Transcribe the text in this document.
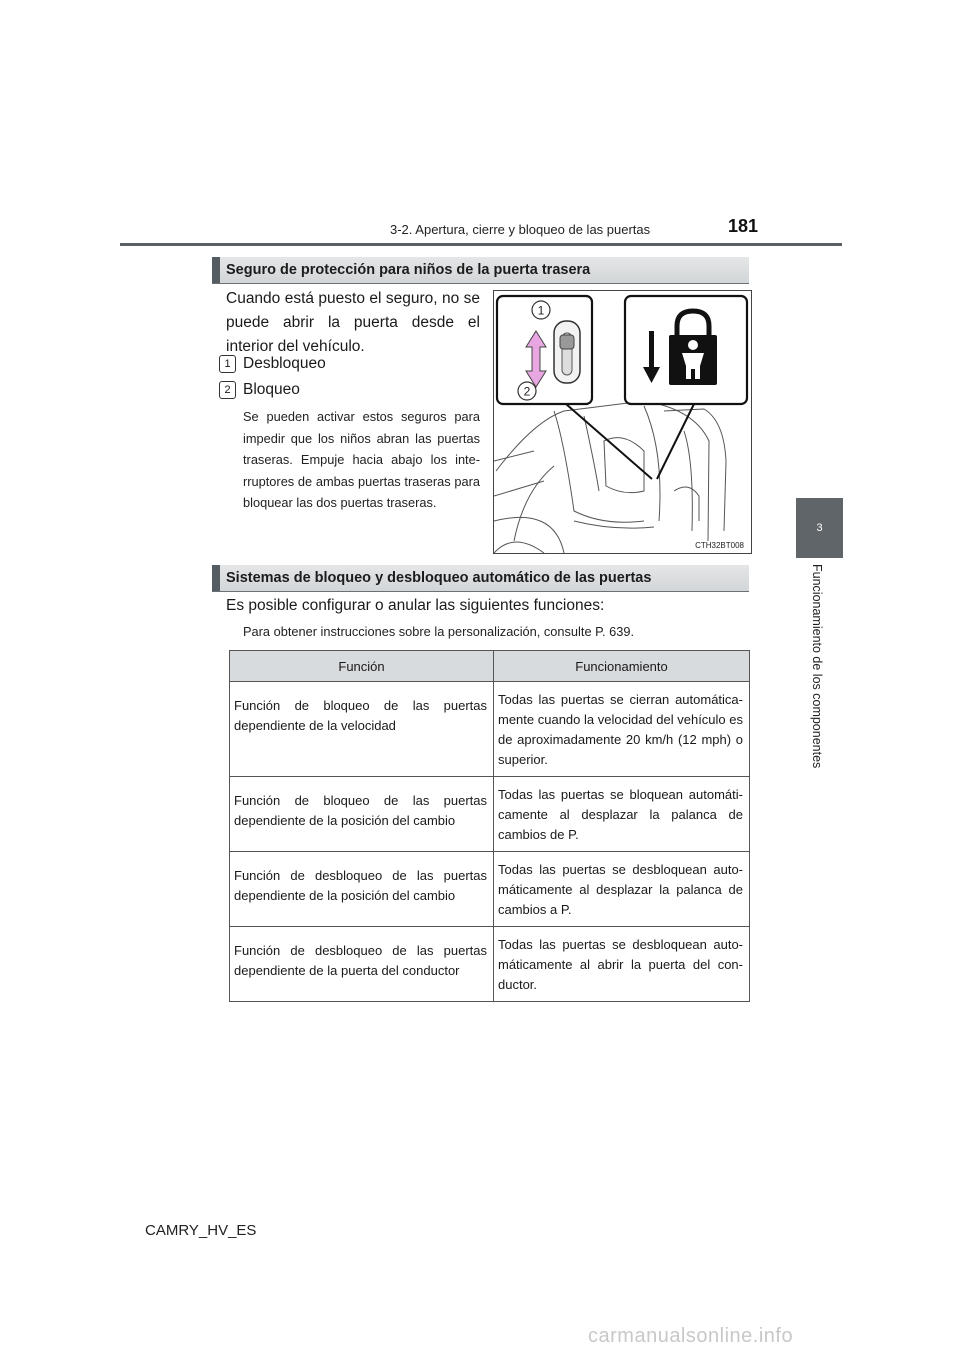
3-2. Apertura, cierre y bloqueo de las puertas	181
3
Funcionamiento de los componentes
Seguro de protección para niños de la puerta trasera
Cuando está puesto el seguro, no se puede abrir la puerta desde el interior del vehículo.
1 Desbloqueo
2 Bloqueo
Se pueden activar estos seguros para impedir que los niños abran las puertas traseras. Empuje hacia abajo los inte-rruptores de ambas puertas traseras para bloquear las dos puertas traseras.
1
2
CTH32BT008
Sistemas de bloqueo y desbloqueo automático de las puertas
Es posible configurar o anular las siguientes funciones:
Para obtener instrucciones sobre la personalización, consulte P. 639.
Función	Funcionamiento
Función de bloqueo de las puertas dependiente de la velocidad	Todas las puertas se cierran automática-mente cuando la velocidad del vehículo es de aproximadamente 20 km/h (12 mph) o superior.
Función de bloqueo de las puertas dependiente de la posición del cambio	Todas las puertas se bloquean automáti-camente al desplazar la palanca de cambios de P.
Función de desbloqueo de las puertas dependiente de la posición del cambio	Todas las puertas se desbloquean auto-máticamente al desplazar la palanca de cambios a P.
Función de desbloqueo de las puertas dependiente de la puerta del conductor	Todas las puertas se desbloquean auto-máticamente al abrir la puerta del con-ductor.
CAMRY_HV_ES
carmanualsonline.info
